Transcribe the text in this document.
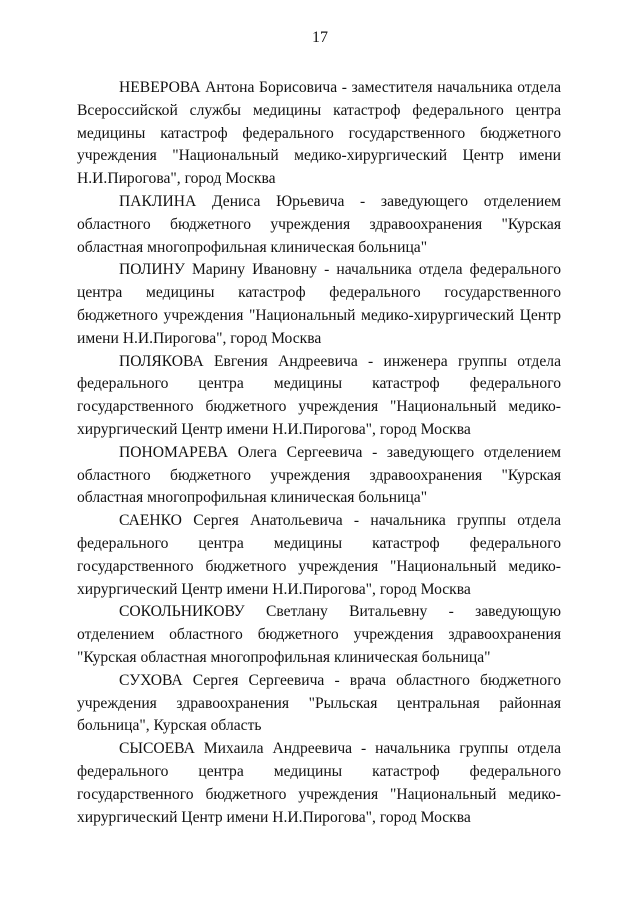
17

НЕВЕРОВА Антона Борисовича - заместителя начальника отдела Всероссийской службы медицины катастроф федерального центра медицины катастроф федерального государственного бюджетного учреждения "Национальный медико-хирургический Центр имени Н.И.Пирогова", город Москва

ПАКЛИНА Дениса Юрьевича - заведующего отделением областного бюджетного учреждения здравоохранения "Курская областная многопрофильная клиническая больница"

ПОЛИНУ Марину Ивановну - начальника отдела федерального центра медицины катастроф федерального государственного бюджетного учреждения "Национальный медико-хирургический Центр имени Н.И.Пирогова", город Москва

ПОЛЯКОВА Евгения Андреевича - инженера группы отдела федерального центра медицины катастроф федерального государственного бюджетного учреждения "Национальный медико-хирургический Центр имени Н.И.Пирогова", город Москва

ПОНОМАРЕВА Олега Сергеевича - заведующего отделением областного бюджетного учреждения здравоохранения "Курская областная многопрофильная клиническая больница"

САЕНКО Сергея Анатольевича - начальника группы отдела федерального центра медицины катастроф федерального государственного бюджетного учреждения "Национальный медико-хирургический Центр имени Н.И.Пирогова", город Москва

СОКОЛЬНИКОВУ Светлану Витальевну - заведующую отделением областного бюджетного учреждения здравоохранения "Курская областная многопрофильная клиническая больница"

СУХОВА Сергея Сергеевича - врача областного бюджетного учреждения здравоохранения "Рыльская центральная районная больница", Курская область

СЫСОЕВА Михаила Андреевича - начальника группы отдела федерального центра медицины катастроф федерального государственного бюджетного учреждения "Национальный медико-хирургический Центр имени Н.И.Пирогова", город Москва
